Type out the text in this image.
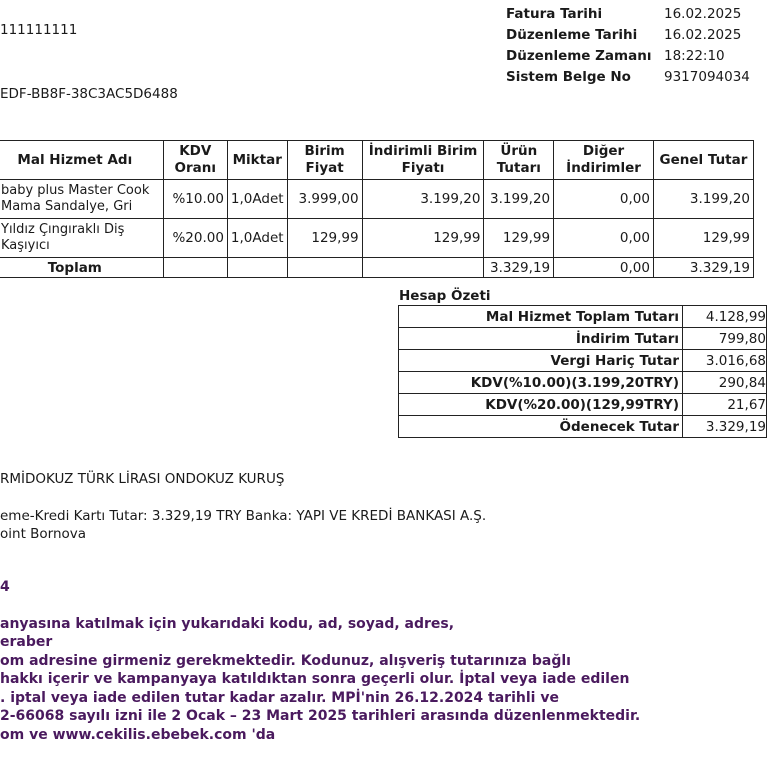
111111111
EDF-BB8F-38C3AC5D6488
Fatura Tarihi	16.02.2025
Düzenleme Tarihi	16.02.2025
Düzenleme Zamanı	18:22:10
Sistem Belge No	9317094034
Mal Hizmet Adı	KDV Oranı	Miktar	Birim Fiyat	İndirimli Birim Fiyatı	Ürün Tutarı	Diğer İndirimler	Genel Tutar

baby plus Master Cook
Mama Sandalye, Gri	%10.00	1,0Adet	3.999,00	3.199,20	3.199,20	0,00	3.199,20

Yıldız Çıngıraklı Diş
Kaşıyıcı	%20.00	1,0Adet	129,99	129,99	129,99	0,00	129,99
Toplam					3.329,19	0,00	3.329,19
Hesap Özeti
Mal Hizmet Toplam Tutarı	4.128,99
İndirim Tutarı	799,80
Vergi Hariç Tutar	3.016,68
KDV(%10.00)(3.199,20TRY)	290,84
KDV(%20.00)(129,99TRY)	21,67
Ödenecek Tutar	3.329,19
RMİDOKUZ TÜRK LİRASI ONDOKUZ KURUŞ
eme-Kredi Kartı Tutar: 3.329,19 TRY Banka: YAPI VE KREDİ BANKASI A.Ş.
oint Bornova
4
anyasına katılmak için yukarıdaki kodu, ad, soyad, adres,
eraber
om adresine girmeniz gerekmektedir. Kodunuz, alışveriş tutarınıza bağlı
hakkı içerir ve kampanyaya katıldıktan sonra geçerli olur. İptal veya iade edilen
. iptal veya iade edilen tutar kadar azalır. MPİ'nin 26.12.2024 tarihli ve
2-66068 sayılı izni ile 2 Ocak – 23 Mart 2025 tarihleri arasında düzenlenmektedir.
om ve www.cekilis.ebebek.com 'da
